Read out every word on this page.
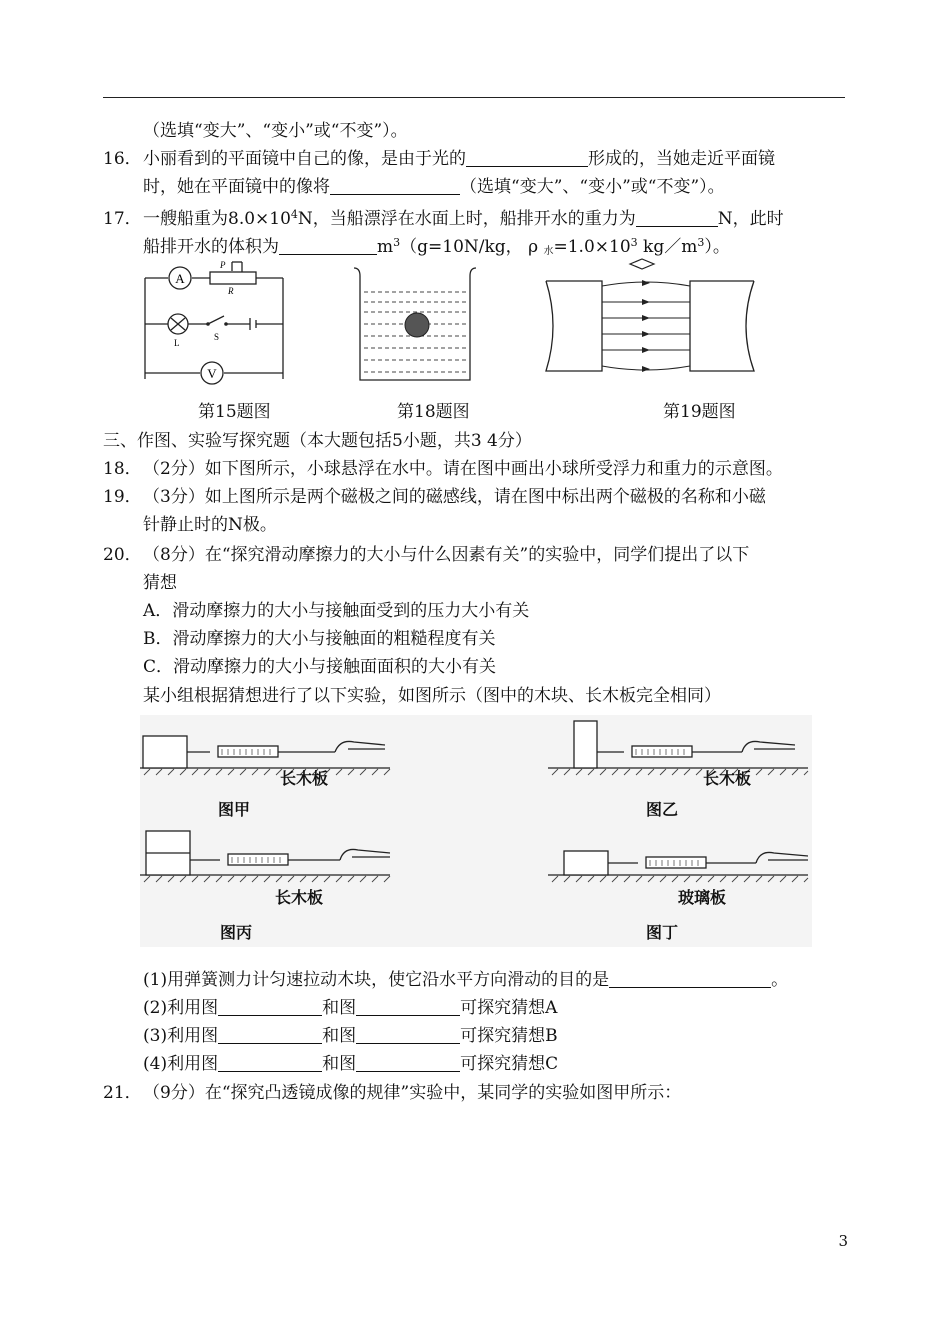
（选填“变大”、“变小”或“不变”）。
16．小丽看到的平面镜中自己的像，是由于光的	形成的，当她走近平面镜
时，她在平面镜中的像将	（选填“变大”、“变小”或“不变”）。
17．一艘船重为$8.0\times 10^4N$，当船漂浮在水面上时，船排开水的重力为	N，此时
船排开水的体积为	$m^3(g=10N/kg$， ρ $_水=1.0\times 10^3$ $kg/m^3$）。
A
V
P
R
L
S
第15题图	第18题图	第19题图
三、作图、实验写探究题（本大题包括5小题，共3 4分）
18．（2分）如下图所示，小球悬浮在水中。请在图中画出小球所受浮力和重力的示意图。
19．（3分）如上图所示是两个磁极之间的磁感线，请在图中标出两个磁极的名称和小磁
针静止时的N极。
20．（8分）在“探究滑动摩擦力的大小与什么因素有关”的实验中，同学们提出了以下
猜想
A．滑动摩擦力的大小与接触面受到的压力大小有关
B．滑动摩擦力的大小与接触面的粗糙程度有关
C．滑动摩擦力的大小与接触面面积的大小有关
某小组根据猜想进行了以下实验，如图所示（图中的木块、长木板完全相同）
长木板	长木板
长木板	玻璃板
图甲	图乙
图丙	图丁
(1)用弹簧测力计匀速拉动木块，使它沿水平方向滑动的目的是	。
(2)利用图	和图	可探究猜想A
(3)利用图	和图	可探究猜想B
(4)利用图	和图	可探究猜想C
21．（9分）在“探究凸透镜成像的规律”实验中，某同学的实验如图甲所示：
3
